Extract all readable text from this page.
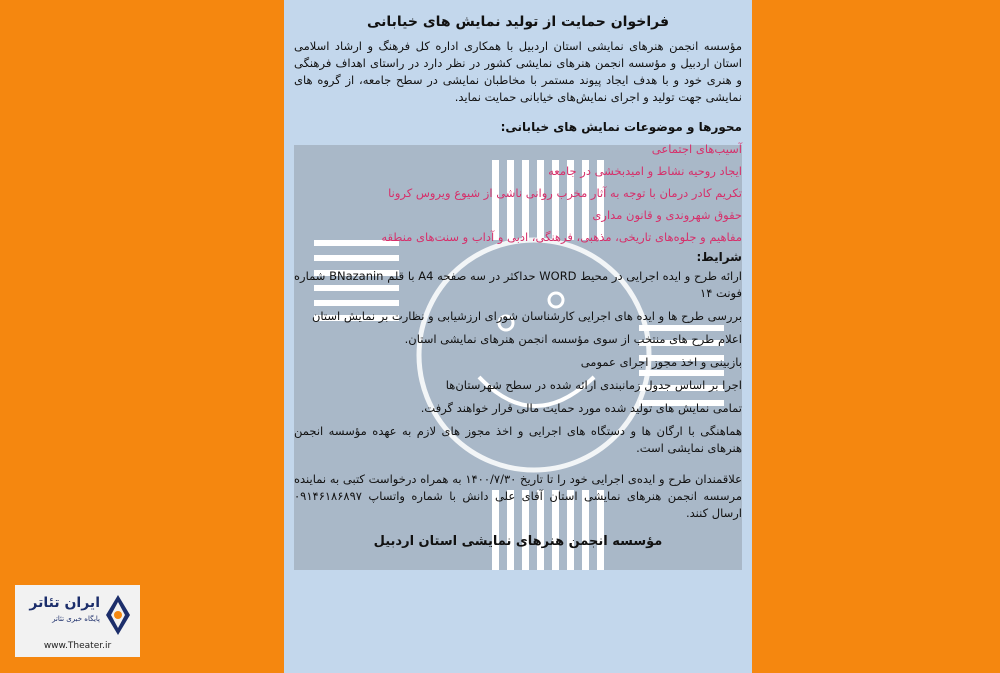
فراخوان حمایت از تولید نمایش های خیابانی

مؤسسه انجمن هنرهای نمایشی استان اردبیل با همکاری اداره کل فرهنگ و ارشاد اسلامی استان اردبیل و مؤسسه انجمن هنرهای نمایشی کشور در نظر دارد در راستای اهداف فرهنگی و هنری خود و با هدف ایجاد پیوند مستمر با مخاطبان نمایشی در سطح جامعه، از گروه های نمایشی جهت تولید و اجرای نمایش‌های خیابانی حمایت نماید.

محورها و موضوعات نمایش های خیابانی:
آسیب‌های اجتماعی
ایجاد روحیه نشاط و امیدبخشی در جامعه
تکریم کادر درمان با توجه به آثار مخرب روانی ناشی از شیوع ویروس کرونا
حقوق شهروندی و قانون مداری
مفاهیم و جلوه‌های تاریخی، مذهبی، فرهنگی، ادبی و آداب و سنت‌های منطقه
شرایط:
ارائه طرح و ایده اجرایی در محیط WORD حداکثر در سه صفحه A4 با قلم BNazanin شماره فونت ۱۴
بررسی طرح ها و ایده های اجرایی کارشناسان شورای ارزشیابی و نظارت بر نمایش استان
اعلام طرح های منتخب از سوی مؤسسه انجمن هنرهای نمایشی استان.
بازبینی و اخذ مجوز اجرای عمومی
اجرا بر اساس جدول زمانبندی ارائه شده در سطح شهرستان‌ها
تمامی نمایش های تولید شده مورد حمایت مالی قرار خواهند گرفت.
هماهنگی با ارگان ها و دستگاه های اجرایی و اخذ مجوز های لازم به عهده مؤسسه انجمن هنرهای نمایشی است.

علاقمندان طرح و ایده‌ی اجرایی خود را تا تاریخ ۱۴۰۰/۷/۳۰ به همراه درخواست کتبی به نماینده مرسسه انجمن هنرهای نمایشی استان آقای علی دانش با شماره واتساپ ۰۹۱۴۶۱۸۶۸۹۷ ارسال کنند.

مؤسسه انجمن هنرهای نمایشی استان اردبیل
ایران تئاتر
پایگاه خبری تئاتر
www.Theater.ir
